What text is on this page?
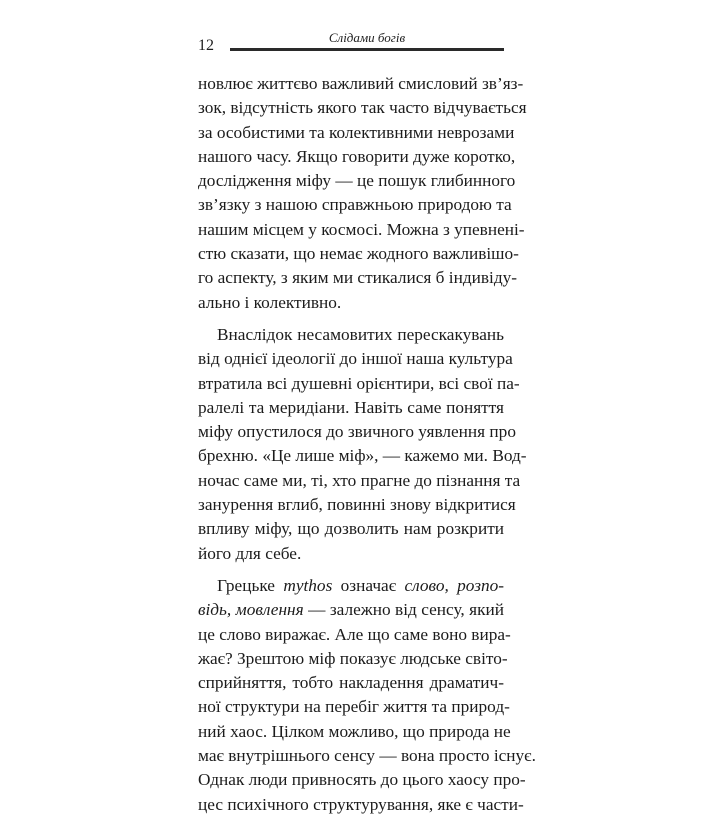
12	Слідами богів
новлює життєво важливий смисловий зв’яз-
зок, відсутність якого так часто відчувається
за особистими та колективними неврозами
нашого часу. Якщо говорити дуже коротко,
дослідження міфу — це пошук глибинного
зв’язку з нашою справжньою природою та
нашим місцем у космосі. Можна з упевнені-
стю сказати, що немає жодного важливішо-
го аспекту, з яким ми стикалися б індивіду-
ально і колективно.
Внаслідок несамовитих перескакувань
від однієї ідеології до іншої наша культура
втратила всі душевні орієнтири, всі свої па-
ралелі та меридіани. Навіть саме поняття
міфу опустилося до звичного уявлення про
брехню. «Це лише міф», — кажемо ми. Вод-
ночас саме ми, ті, хто прагне до пізнання та
занурення вглиб, повинні знову відкритися
впливу міфу, що дозволить нам розкрити
його для себе.
Грецьке mythos означає слово, розпо-
відь, мовлення — залежно від сенсу, який
це слово виражає. Але що саме воно вира-
жає? Зрештою міф показує людське світо-
сприйняття, тобто накладення драматич-
ної структури на перебіг життя та природ-
ний хаос. Цілком можливо, що природа не
має внутрішнього сенсу — вона просто існує.
Однак люди привносять до цього хаосу про-
цес психічного структурування, яке є части-
